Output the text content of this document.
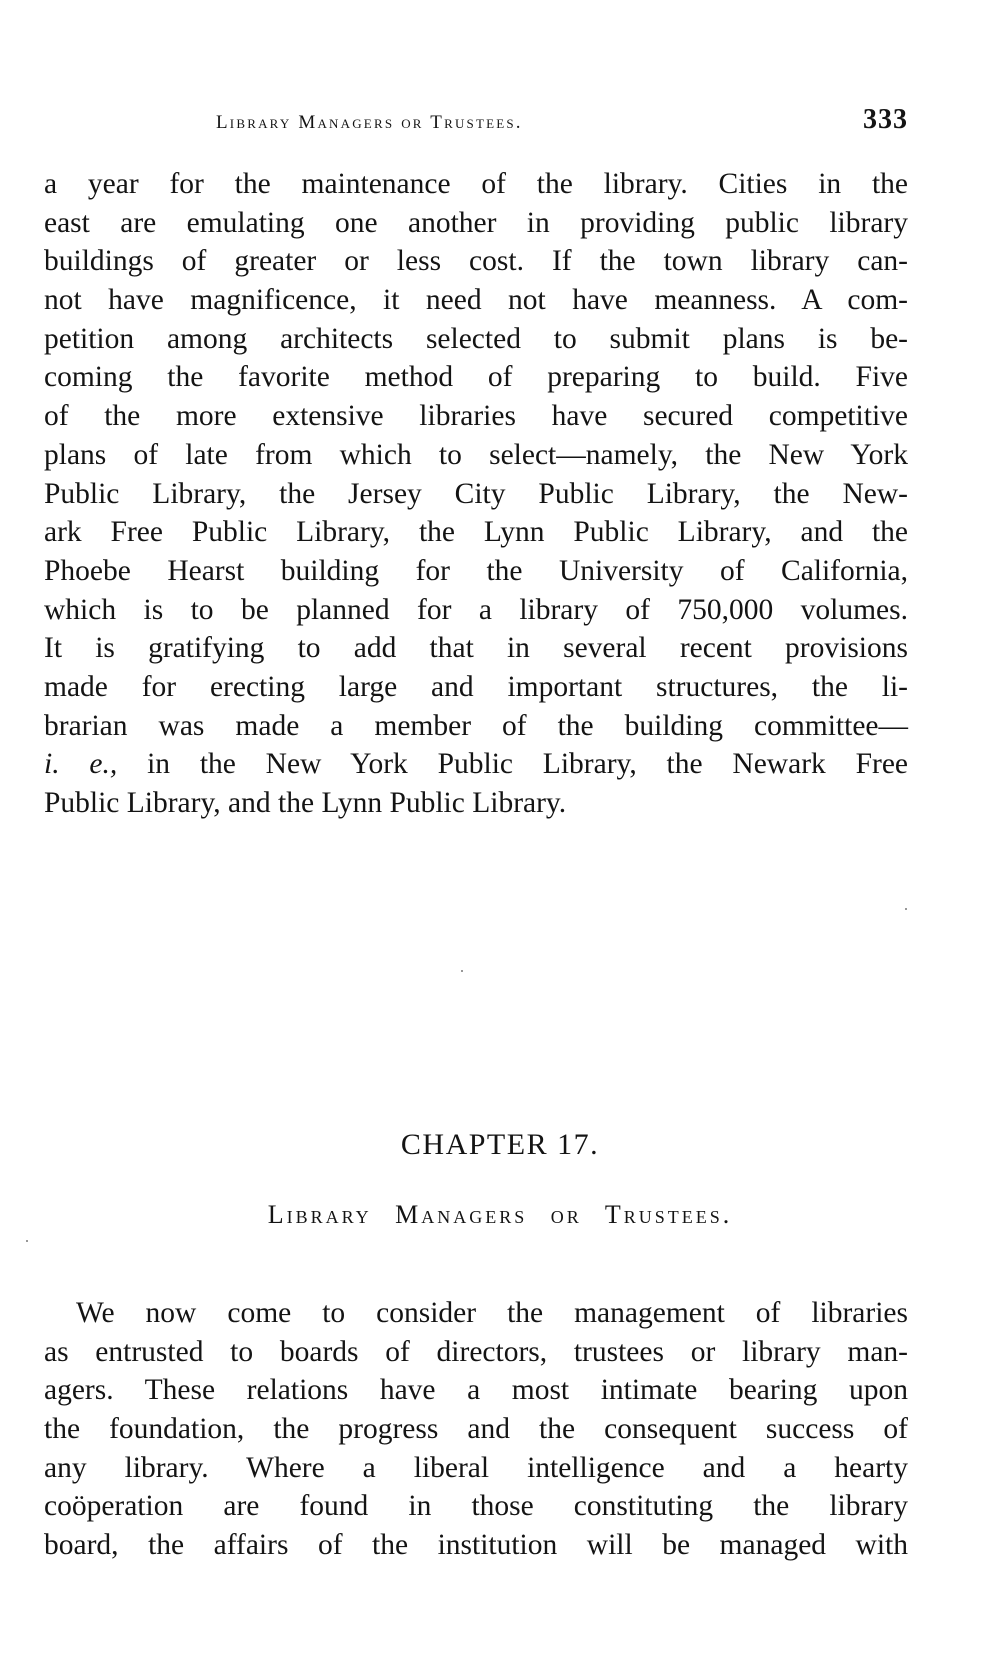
Library Managers or Trustees.	333
a year for the maintenance of the library. Cities in the
east are emulating one another in providing public library
buildings of greater or less cost. If the town library can-
not have magnificence, it need not have meanness. A com-
petition among architects selected to submit plans is be-
coming the favorite method of preparing to build. Five
of the more extensive libraries have secured competitive
plans of late from which to select—namely, the New York
Public Library, the Jersey City Public Library, the New-
ark Free Public Library, the Lynn Public Library, and the
Phoebe Hearst building for the University of California,
which is to be planned for a library of 750,000 volumes.
It is gratifying to add that in several recent provisions
made for erecting large and important structures, the li-
brarian was made a member of the building committee—
i. e., in the New York Public Library, the Newark Free
Public Library, and the Lynn Public Library.
CHAPTER 17.
Library Managers or Trustees.
We now come to consider the management of libraries
as entrusted to boards of directors, trustees or library man-
agers. These relations have a most intimate bearing upon
the foundation, the progress and the consequent success of
any library. Where a liberal intelligence and a hearty
coöperation are found in those constituting the library
board, the affairs of the institution will be managed with
